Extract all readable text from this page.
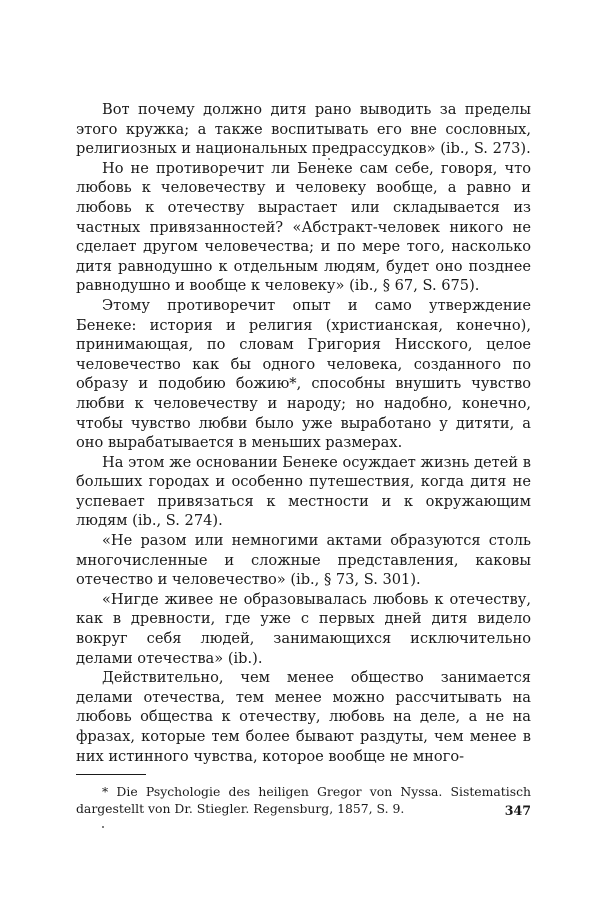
Вот почему должно дитя рано выводить за пределы этого кружка; а также воспитывать его вне сословных, религиозных и национальных предрассудков» (ib., S. 273).

Но не противоречит ли Бенеке сам себе, говоря, что любовь к человечеству и человеку вообще, а равно и любовь к отечеству вырастает или складывается из частных привязанностей? «Абстракт-человек никого не сделает другом человечества; и по мере того, насколько дитя равнодушно к отдельным людям, будет оно позднее равнодушно и вообще к человеку» (ib., § 67, S. 675).

Этому противоречит опыт и само утверждение Бенеке: история и религия (христианская, конечно), принимающая, по словам Григория Нисского, целое человечество как бы одного человека, созданного по образу и подобию божию*, способны внушить чувство любви к человечеству и народу; но надобно, конечно, чтобы чувство любви было уже выработано у дитяти, а оно вырабатывается в меньших размерах.

На этом же основании Бенеке осуждает жизнь детей в больших городах и особенно путешествия, когда дитя не успевает привязаться к местности и к окружающим людям (ib., S. 274).

«Не разом или немногими актами образуются столь многочисленные и сложные представления, каковы отечество и человечество» (ib., § 73, S. 301).

«Нигде живее не образовывалась любовь к отечеству, как в древности, где уже с первых дней дитя видело вокруг себя людей, занимающихся исключительно делами отечества» (ib.).

Действительно, чем менее общество занимается делами отечества, тем менее можно рассчитывать на любовь общества к отечеству, любовь на деле, а не на фразах, которые тем более бывают раздуты, чем менее в них истинного чувства, которое вообще не много-

* Die Psychologie des heiligen Gregor von Nyssa. Sistematisch dargestellt von Dr. Stiegler. Regensburg, 1857, S. 9.	347
